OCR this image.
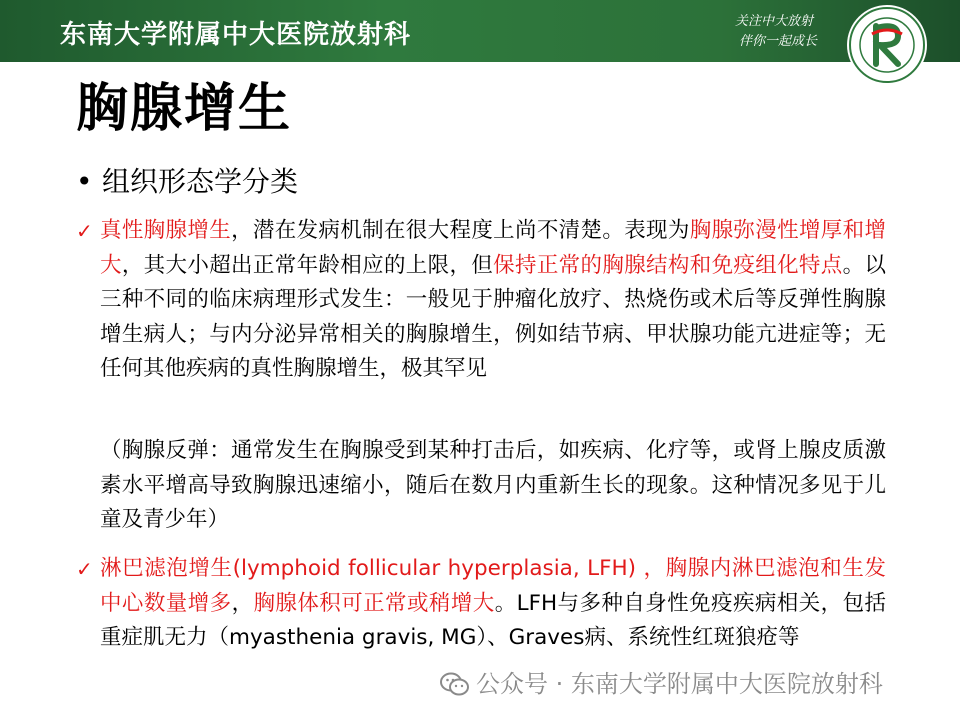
东南大学附属中大医院放射科	关注中大放射
伴你一起成长
胸腺增生
• 组织形态学分类
✓ 真性胸腺增生，潜在发病机制在很大程度上尚不清楚。表现为胸腺弥漫性增厚和增大，其大小超出正常年龄相应的上限，但保持正常的胸腺结构和免疫组化特点。以三种不同的临床病理形式发生：一般见于肿瘤化放疗、热烧伤或术后等反弹性胸腺增生病人；与内分泌异常相关的胸腺增生，例如结节病、甲状腺功能亢进症等；无任何其他疾病的真性胸腺增生，极其罕见
（胸腺反弹：通常发生在胸腺受到某种打击后，如疾病、化疗等，或肾上腺皮质激素水平增高导致胸腺迅速缩小，随后在数月内重新生长的现象。这种情况多见于儿童及青少年）
✓ 淋巴滤泡增生(lymphoid follicular hyperplasia, LFH) ，胸腺内淋巴滤泡和生发中心数量增多，胸腺体积可正常或稍增大。LFH与多种自身性免疫疾病相关，包括重症肌无力（myasthenia gravis, MG）、Graves病、系统性红斑狼疮等
公众号 · 东南大学附属中大医院放射科
